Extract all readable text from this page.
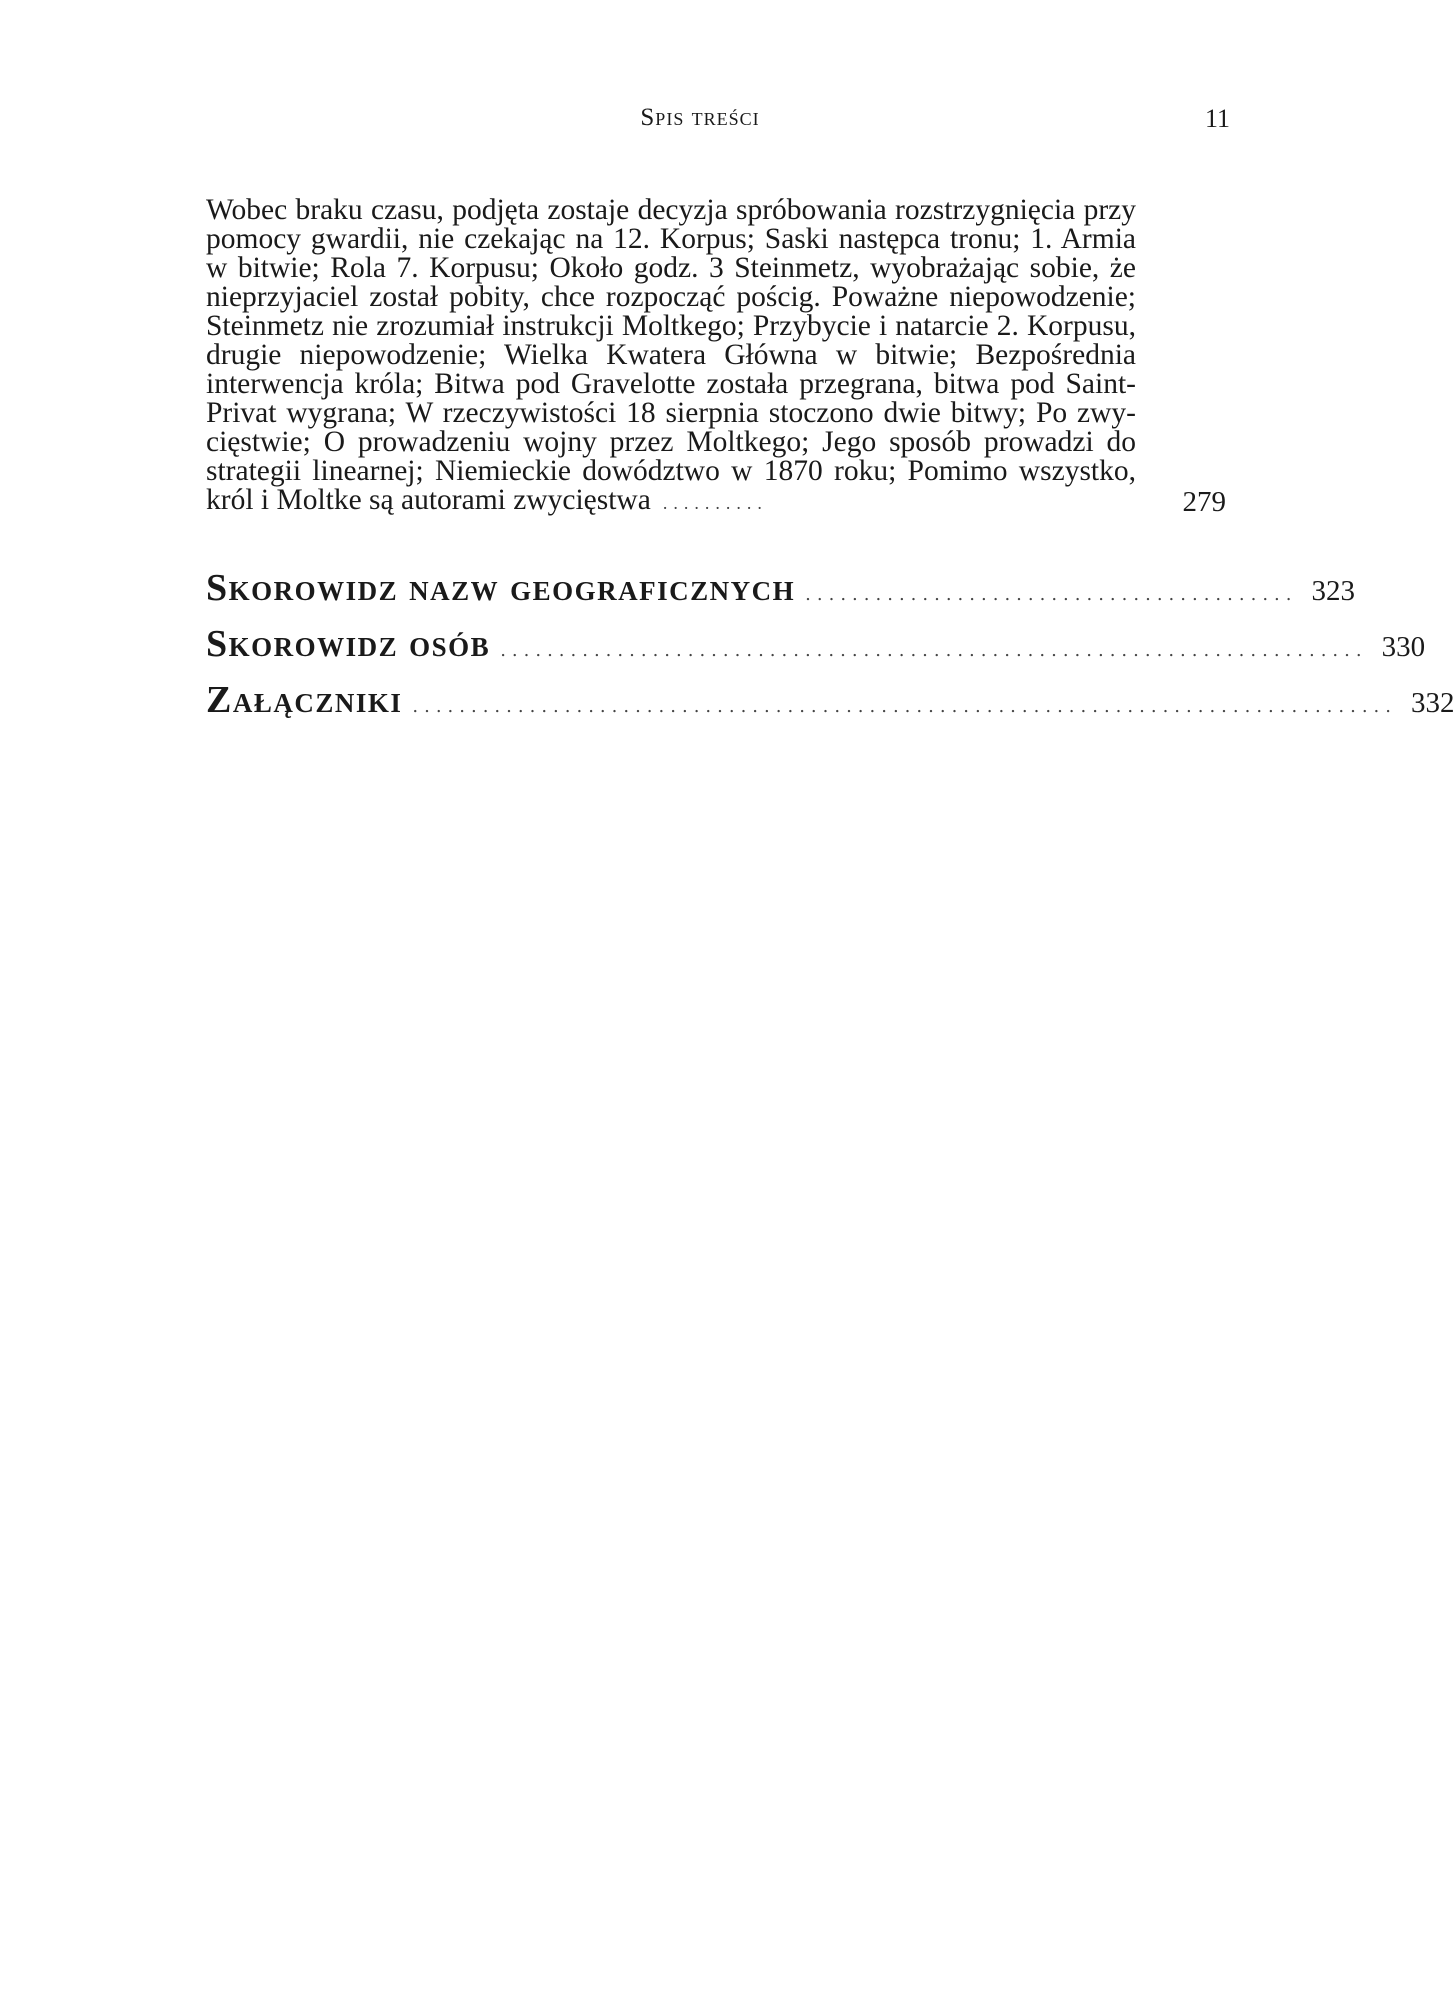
Spis treści	11
Wobec braku czasu, podjęta zostaje decyzja spróbowania rozstrzygnięcia przy pomocy gwardii, nie czekając na 12. Korpus; Saski następca tronu; 1. Armia w bitwie; Rola 7. Korpusu; Około godz. 3 Steinmetz, wyobrażając sobie, że nieprzyjaciel został pobity, chce rozpocząć pościg. Poważne niepowodzenie; Steinmetz nie zrozumiał instrukcji Moltkego; Przybycie i natarcie 2. Korpusu, drugie niepowodzenie; Wielka Kwatera Główna w bitwie; Bezpośrednia interwencja króla; Bitwa pod Gravelotte została przegrana, bitwa pod Saint-Privat wygrana; W rzeczywistości 18 sierpnia stoczono dwie bitwy; Po zwycięstwie; O prowadzeniu wojny przez Moltkego; Jego sposób prowadzi do strategii linearnej; Niemieckie dowództwo w 1870 roku; Pomimo wszystko, król i Moltke są autorami zwycięstwa ..........	279
Skorowidz nazw geograficznych .......................................... 323
Skorowidz osób .......................................................................... 330
Załączniki .................................................................................... 332
